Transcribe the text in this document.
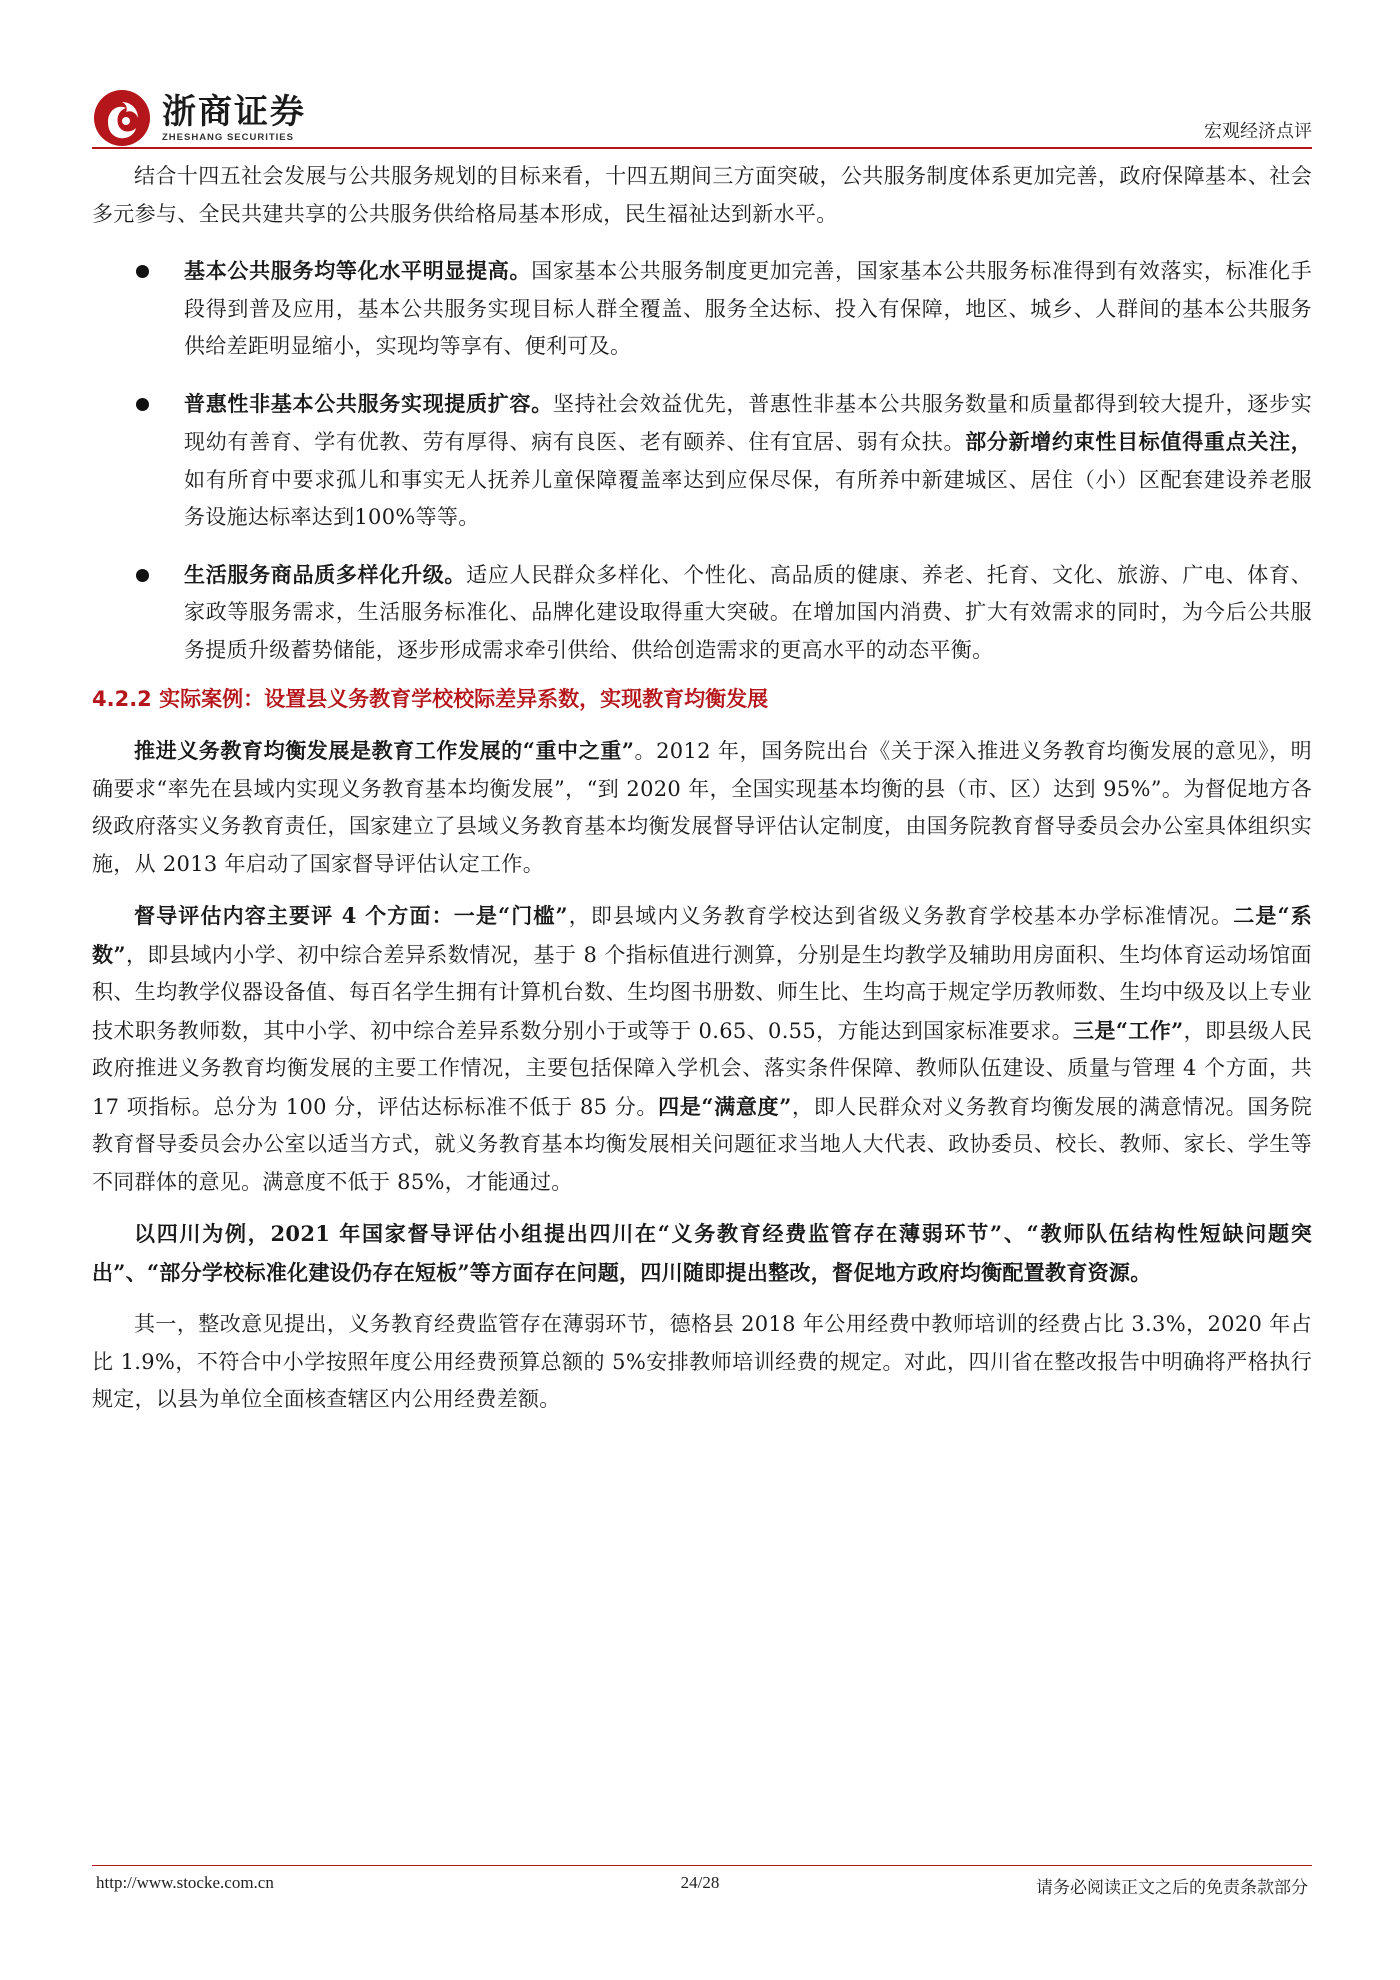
浙商证券
ZHESHANG SECURITIES	宏观经济点评

结合十四五社会发展与公共服务规划的目标来看，十四五期间三方面突破，公共服务制度体系更加完善，政府保障基本、社会多元参与、全民共建共享的公共服务供给格局基本形成，民生福祉达到新水平。

基本公共服务均等化水平明显提高。国家基本公共服务制度更加完善，国家基本公共服务标准得到有效落实，标准化手段得到普及应用，基本公共服务实现目标人群全覆盖、服务全达标、投入有保障，地区、城乡、人群间的基本公共服务供给差距明显缩小，实现均等享有、便利可及。
普惠性非基本公共服务实现提质扩容。坚持社会效益优先，普惠性非基本公共服务数量和质量都得到较大提升，逐步实现幼有善育、学有优教、劳有厚得、病有良医、老有颐养、住有宜居、弱有众扶。部分新增约束性目标值得重点关注，如有所育中要求孤儿和事实无人抚养儿童保障覆盖率达到应保尽保，有所养中新建城区、居住（小）区配套建设养老服务设施达标率达到100%等等。
生活服务商品质多样化升级。适应人民群众多样化、个性化、高品质的健康、养老、托育、文化、旅游、广电、体育、家政等服务需求，生活服务标准化、品牌化建设取得重大突破。在增加国内消费、扩大有效需求的同时，为今后公共服务提质升级蓄势储能，逐步形成需求牵引供给、供给创造需求的更高水平的动态平衡。

4.2.2 实际案例：设置县义务教育学校校际差异系数，实现教育均衡发展

推进义务教育均衡发展是教育工作发展的“重中之重”。2012 年，国务院出台《关于深入推进义务教育均衡发展的意见》，明确要求“率先在县域内实现义务教育基本均衡发展”，“到 2020 年，全国实现基本均衡的县（市、区）达到 95%”。为督促地方各级政府落实义务教育责任，国家建立了县域义务教育基本均衡发展督导评估认定制度，由国务院教育督导委员会办公室具体组织实施，从 2013 年启动了国家督导评估认定工作。

督导评估内容主要评 4 个方面：一是“门槛”，即县域内义务教育学校达到省级义务教育学校基本办学标准情况。二是“系数”，即县域内小学、初中综合差异系数情况，基于 8 个指标值进行测算，分别是生均教学及辅助用房面积、生均体育运动场馆面积、生均教学仪器设备值、每百名学生拥有计算机台数、生均图书册数、师生比、生均高于规定学历教师数、生均中级及以上专业技术职务教师数，其中小学、初中综合差异系数分别小于或等于 0.65、0.55，方能达到国家标准要求。三是“工作”，即县级人民政府推进义务教育均衡发展的主要工作情况，主要包括保障入学机会、落实条件保障、教师队伍建设、质量与管理 4 个方面，共 17 项指标。总分为 100 分，评估达标标准不低于 85 分。四是“满意度”，即人民群众对义务教育均衡发展的满意情况。国务院教育督导委员会办公室以适当方式，就义务教育基本均衡发展相关问题征求当地人大代表、政协委员、校长、教师、家长、学生等不同群体的意见。满意度不低于 85%，才能通过。

以四川为例，2021 年国家督导评估小组提出四川在“义务教育经费监管存在薄弱环节”、“教师队伍结构性短缺问题突出”、“部分学校标准化建设仍存在短板”等方面存在问题，四川随即提出整改，督促地方政府均衡配置教育资源。

其一，整改意见提出，义务教育经费监管存在薄弱环节，德格县 2018 年公用经费中教师培训的经费占比 3.3%，2020 年占比 1.9%，不符合中小学按照年度公用经费预算总额的 5%安排教师培训经费的规定。对此，四川省在整改报告中明确将严格执行规定，以县为单位全面核查辖区内公用经费差额。

http://www.stocke.com.cn	24/28	请务必阅读正文之后的免责条款部分
